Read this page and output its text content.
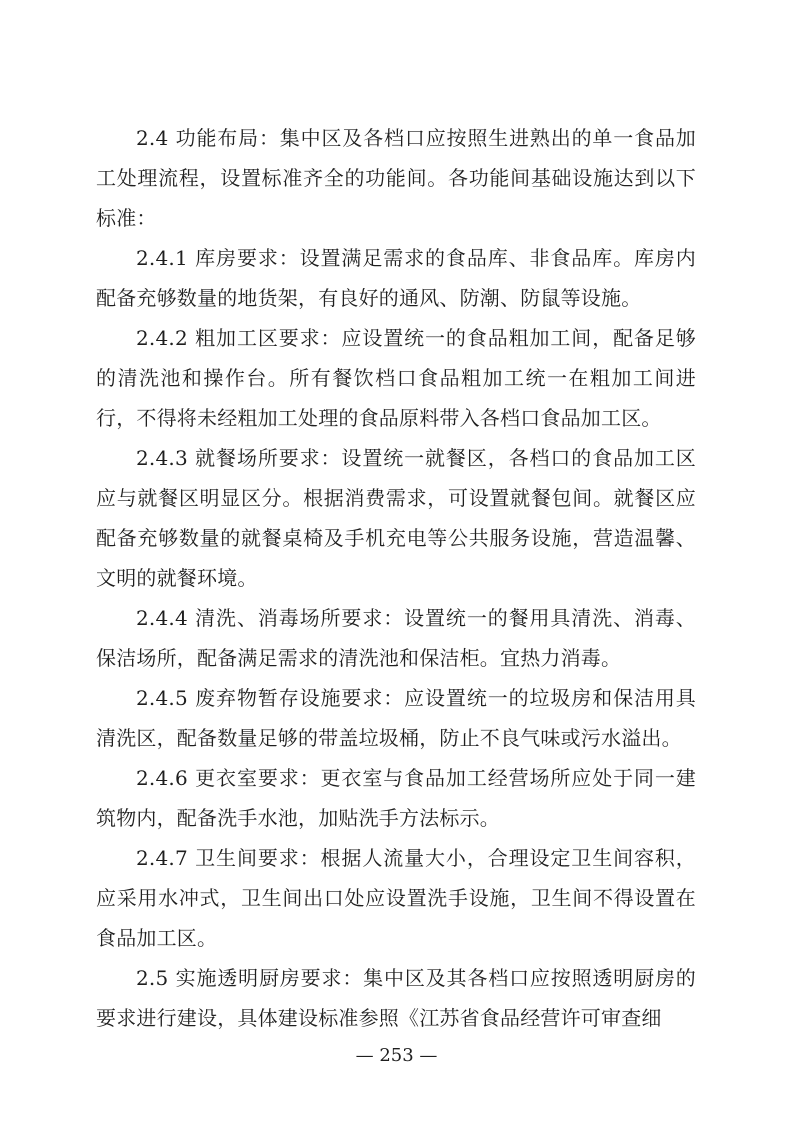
2.4 功能布局：集中区及各档口应按照生进熟出的单一食品加工处理流程，设置标准齐全的功能间。各功能间基础设施达到以下标准：

2.4.1 库房要求：设置满足需求的食品库、非食品库。库房内配备充够数量的地货架，有良好的通风、防潮、防鼠等设施。

2.4.2 粗加工区要求：应设置统一的食品粗加工间，配备足够的清洗池和操作台。所有餐饮档口食品粗加工统一在粗加工间进行，不得将未经粗加工处理的食品原料带入各档口食品加工区。

2.4.3 就餐场所要求：设置统一就餐区，各档口的食品加工区应与就餐区明显区分。根据消费需求，可设置就餐包间。就餐区应配备充够数量的就餐桌椅及手机充电等公共服务设施，营造温馨、文明的就餐环境。

2.4.4 清洗、消毒场所要求：设置统一的餐用具清洗、消毒、保洁场所，配备满足需求的清洗池和保洁柜。宜热力消毒。

2.4.5 废弃物暂存设施要求：应设置统一的垃圾房和保洁用具清洗区，配备数量足够的带盖垃圾桶，防止不良气味或污水溢出。

2.4.6 更衣室要求：更衣室与食品加工经营场所应处于同一建筑物内，配备洗手水池，加贴洗手方法标示。

2.4.7 卫生间要求：根据人流量大小，合理设定卫生间容积，应采用水冲式，卫生间出口处应设置洗手设施，卫生间不得设置在食品加工区。

2.5 实施透明厨房要求：集中区及其各档口应按照透明厨房的要求进行建设，具体建设标准参照《江苏省食品经营许可审查细

— 253 —
